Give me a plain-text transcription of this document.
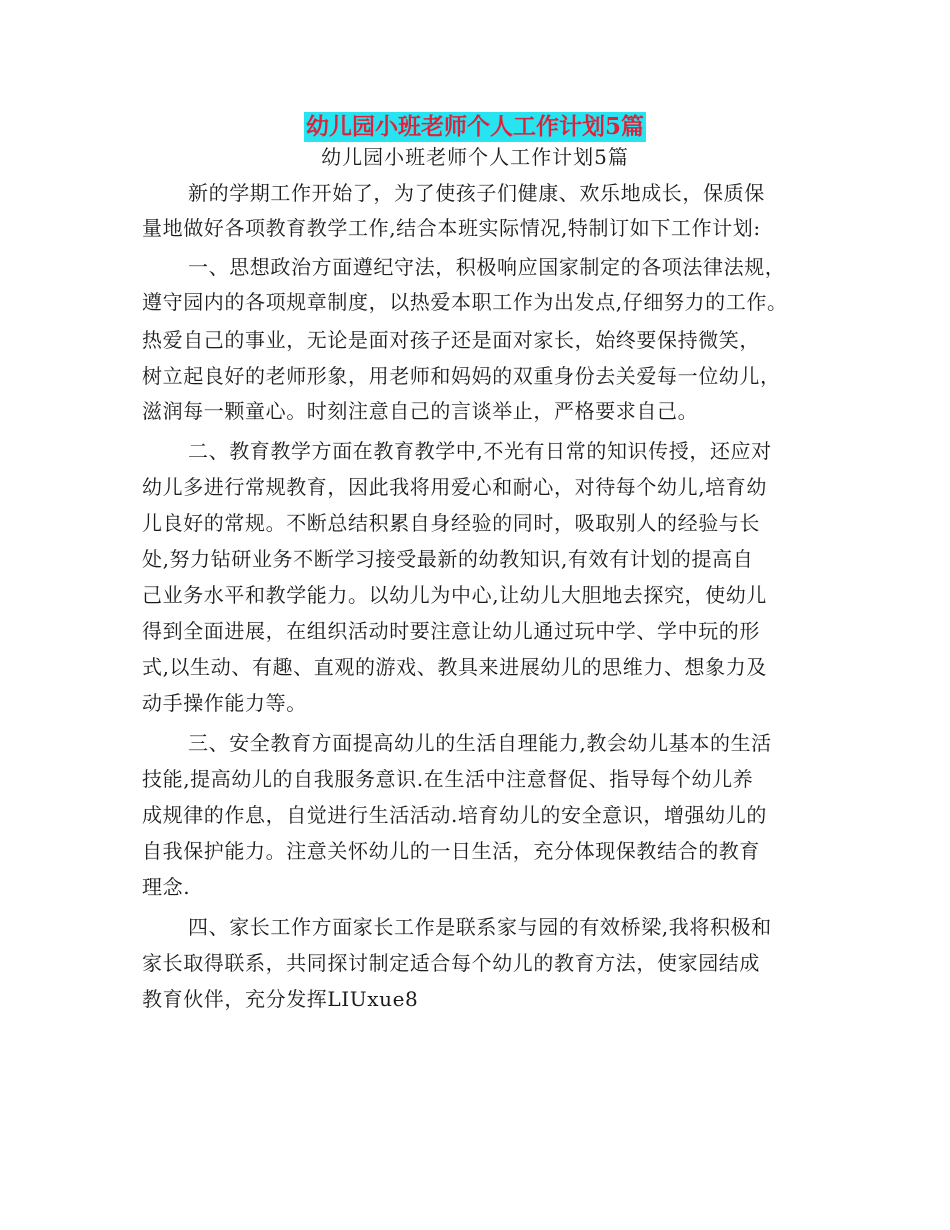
幼儿园小班老师个人工作计划5篇
幼儿园小班老师个人工作计划5篇
新的学期工作开始了，为了使孩子们健康、欢乐地成长，保质保
量地做好各项教育教学工作,结合本班实际情况,特制订如下工作计划:
一、思想政治方面遵纪守法，积极响应国家制定的各项法律法规，
遵守园内的各项规章制度，以热爱本职工作为出发点,仔细努力的工作。
热爱自己的事业，无论是面对孩子还是面对家长，始终要保持微笑，
树立起良好的老师形象，用老师和妈妈的双重身份去关爱每一位幼儿，
滋润每一颗童心。时刻注意自己的言谈举止，严格要求自己。
二、教育教学方面在教育教学中,不光有日常的知识传授，还应对
幼儿多进行常规教育，因此我将用爱心和耐心，对待每个幼儿,培育幼
儿良好的常规。不断总结积累自身经验的同时，吸取别人的经验与长
处,努力钻研业务不断学习接受最新的幼教知识,有效有计划的提高自
己业务水平和教学能力。以幼儿为中心,让幼儿大胆地去探究，使幼儿
得到全面进展，在组织活动时要注意让幼儿通过玩中学、学中玩的形
式,以生动、有趣、直观的游戏、教具来进展幼儿的思维力、想象力及
动手操作能力等。
三、安全教育方面提高幼儿的生活自理能力,教会幼儿基本的生活
技能,提高幼儿的自我服务意识.在生活中注意督促、指导每个幼儿养
成规律的作息，自觉进行生活活动.培育幼儿的安全意识，增强幼儿的
自我保护能力。注意关怀幼儿的一日生活，充分体现保教结合的教育
理念.
四、家长工作方面家长工作是联系家与园的有效桥梁,我将积极和
家长取得联系，共同探讨制定适合每个幼儿的教育方法，使家园结成
教育伙伴，充分发挥LIUxue8
